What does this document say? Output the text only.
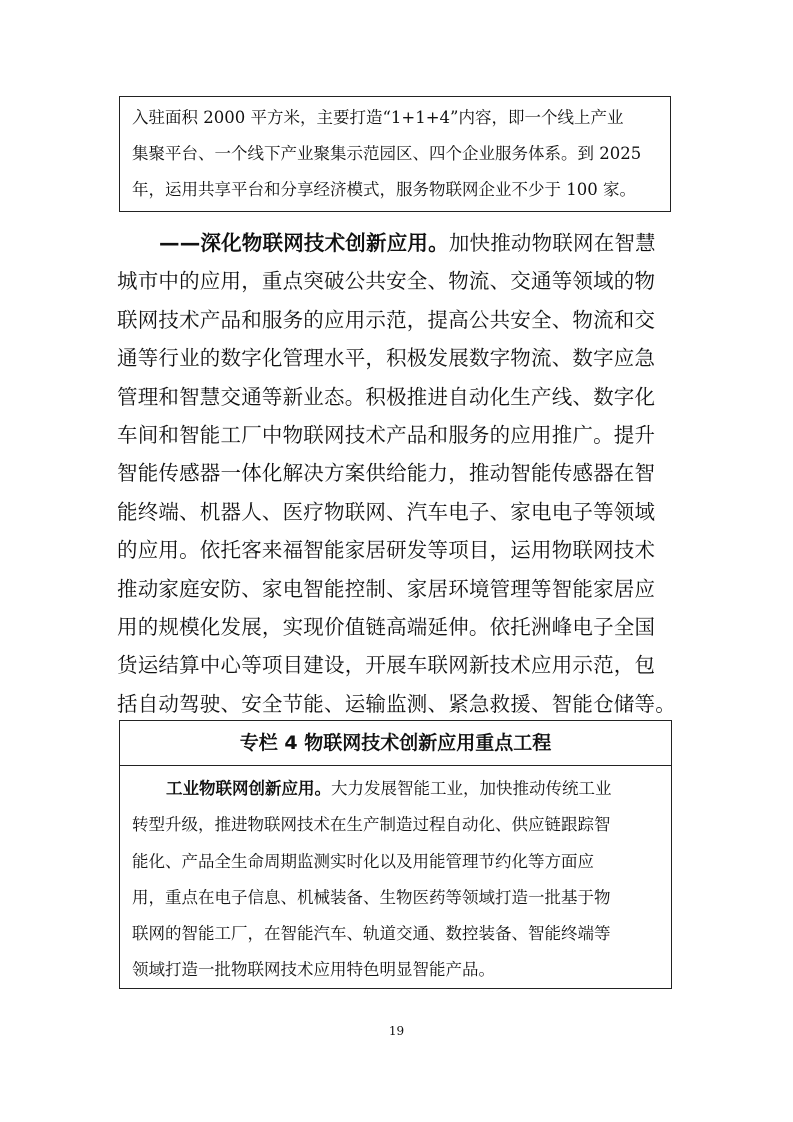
入驻面积 2000 平方米，主要打造“1+1+4”内容，即一个线上产业
集聚平台、一个线下产业聚集示范园区、四个企业服务体系。到 2025
年，运用共享平台和分享经济模式，服务物联网企业不少于 100 家。
——深化物联网技术创新应用。加快推动物联网在智慧
城市中的应用，重点突破公共安全、物流、交通等领域的物
联网技术产品和服务的应用示范，提高公共安全、物流和交
通等行业的数字化管理水平，积极发展数字物流、数字应急
管理和智慧交通等新业态。积极推进自动化生产线、数字化
车间和智能工厂中物联网技术产品和服务的应用推广。提升
智能传感器一体化解决方案供给能力，推动智能传感器在智
能终端、机器人、医疗物联网、汽车电子、家电电子等领域
的应用。依托客来福智能家居研发等项目，运用物联网技术
推动家庭安防、家电智能控制、家居环境管理等智能家居应
用的规模化发展，实现价值链高端延伸。依托洲峰电子全国
货运结算中心等项目建设，开展车联网新技术应用示范，包
括自动驾驶、安全节能、运输监测、紧急救援、智能仓储等。
专栏 4 物联网技术创新应用重点工程
工业物联网创新应用。大力发展智能工业，加快推动传统工业
转型升级，推进物联网技术在生产制造过程自动化、供应链跟踪智
能化、产品全生命周期监测实时化以及用能管理节约化等方面应
用，重点在电子信息、机械装备、生物医药等领域打造一批基于物
联网的智能工厂，在智能汽车、轨道交通、数控装备、智能终端等
领域打造一批物联网技术应用特色明显智能产品。
19
